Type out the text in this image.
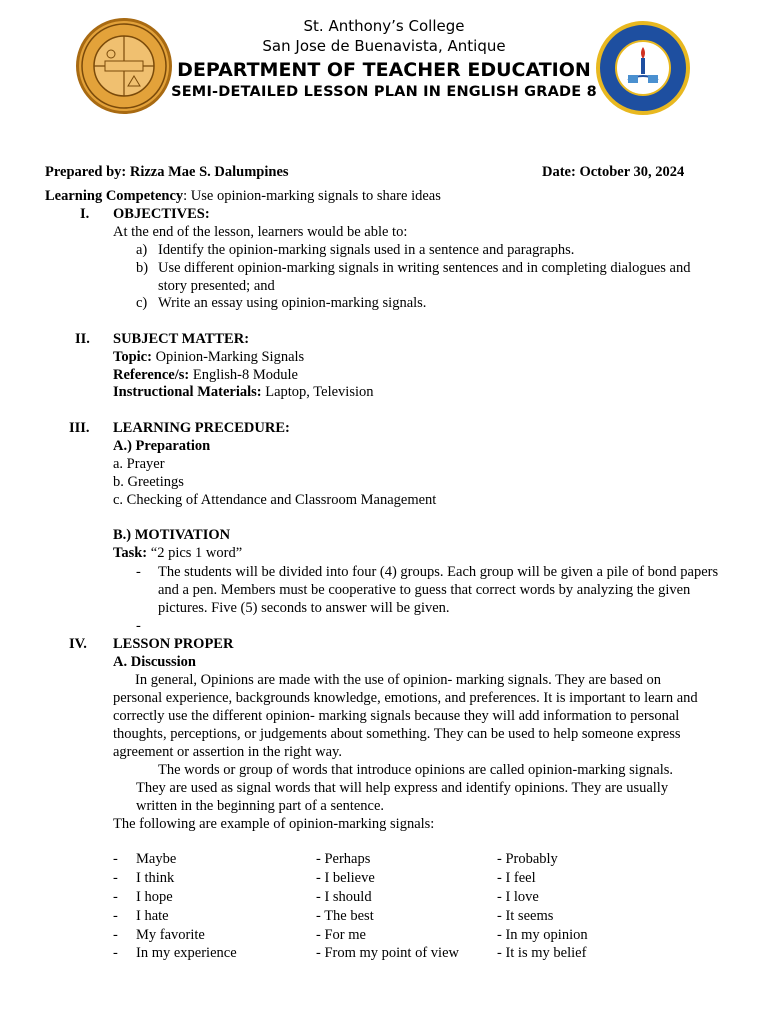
St. Anthony’s College
San Jose de Buenavista, Antique
DEPARTMENT OF TEACHER EDUCATION
SEMI-DETAILED LESSON PLAN IN ENGLISH GRADE 8
Prepared by: Rizza Mae S. Dalumpines	Date: October 30, 2024
Learning Competency: Use opinion-marking signals to share ideas
I. OBJECTIVES:
At the end of the lesson, learners would be able to:
a) Identify the opinion-marking signals used in a sentence and paragraphs.
b) Use different opinion-marking signals in writing sentences and in completing dialogues and story presented; and
c) Write an essay using opinion-marking signals.
II. SUBJECT MATTER:
Topic: Opinion-Marking Signals
Reference/s: English-8 Module
Instructional Materials: Laptop, Television
III. LEARNING PRECEDURE:
A.) Preparation
a. Prayer
b. Greetings
c. Checking of Attendance and Classroom Management
B.) MOTIVATION
Task: “2 pics 1 word”
- The students will be divided into four (4) groups. Each group will be given a pile of bond papers and a pen. Members must be cooperative to guess that correct words by analyzing the given pictures. Five (5) seconds to answer will be given.
-
IV. LESSON PROPER
A. Discussion
In general, Opinions are made with the use of opinion- marking signals. They are based on personal experience, backgrounds knowledge, emotions, and preferences. It is important to learn and correctly use the different opinion- marking signals because they will add information to personal thoughts, perceptions, or judgements about something. They can be used to help someone express agreement or assertion in the right way.
The words or group of words that introduce opinions are called opinion-marking signals. They are used as signal words that will help express and identify opinions. They are usually written in the beginning part of a sentence.
The following are example of opinion-marking signals:
- Maybe	- Perhaps	- Probably
- I think	- I believe	- I feel
- I hope	- I should	- I love
- I hate	- The best	- It seems
- My favorite	- For me	- In my opinion
- In my experience	- From my point of view	- It is my belief
